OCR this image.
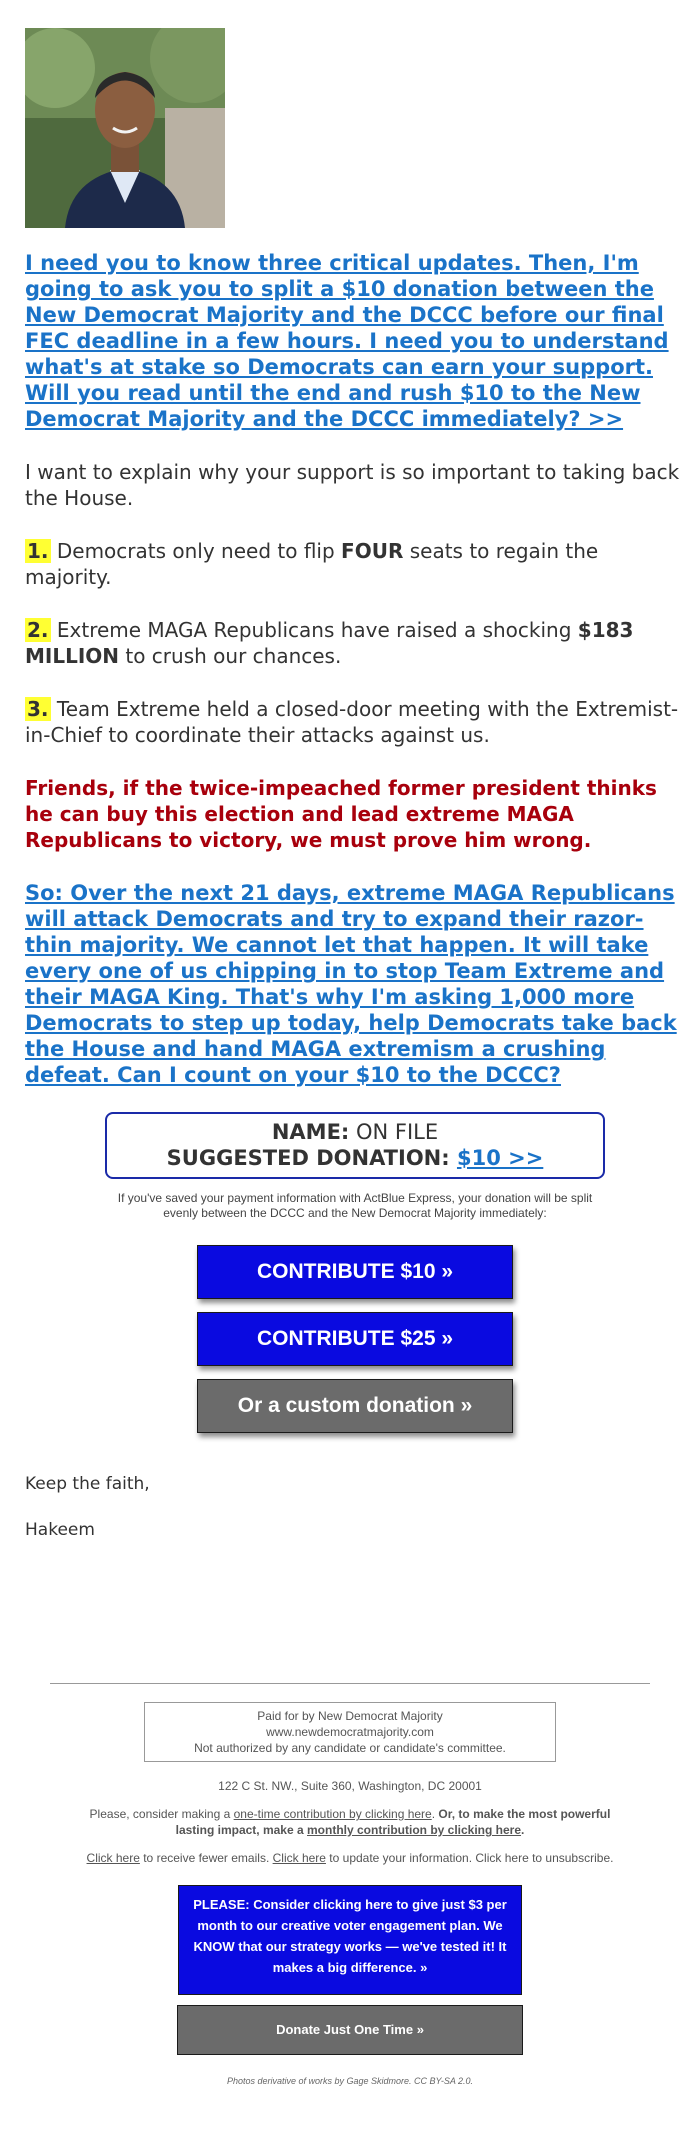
I need you to know three critical updates. Then, I'm going to ask you to split a $10 donation between the New Democrat Majority and the DCCC before our final FEC deadline in a few hours. I need you to understand what's at stake so Democrats can earn your support. Will you read until the end and rush $10 to the New Democrat Majority and the DCCC immediately? >>

I want to explain why your support is so important to taking back the House.

1. Democrats only need to flip FOUR seats to regain the majority.

2. Extreme MAGA Republicans have raised a shocking $183 MILLION to crush our chances.

3. Team Extreme held a closed-door meeting with the Extremist-in-Chief to coordinate their attacks against us.

Friends, if the twice-impeached former president thinks he can buy this election and lead extreme MAGA Republicans to victory, we must prove him wrong.
So: Over the next 21 days, extreme MAGA Republicans will attack Democrats and try to expand their razor-thin majority. We cannot let that happen. It will take every one of us chipping in to stop Team Extreme and their MAGA King. That's why I'm asking 1,000 more Democrats to step up today, help Democrats take back the House and hand MAGA extremism a crushing defeat. Can I count on your $10 to the DCCC?
NAME: ON FILE
SUGGESTED DONATION: $10 >>
If you've saved your payment information with ActBlue Express, your donation will be split evenly between the DCCC and the New Democrat Majority immediately:
CONTRIBUTE $10 »
CONTRIBUTE $25 »
Or a custom donation »
Keep the faith,
Hakeem
Paid for by New Democrat Majority
www.newdemocratmajority.com
Not authorized by any candidate or candidate's committee.
122 C St. NW., Suite 360, Washington, DC 20001
Please, consider making a one-time contribution by clicking here. Or, to make the most powerful lasting impact, make a monthly contribution by clicking here.
Click here to receive fewer emails. Click here to update your information. Click here to unsubscribe.
PLEASE: Consider clicking here to give just $3 per month to our creative voter engagement plan. We KNOW that our strategy works — we've tested it! It makes a big difference. »
Donate Just One Time »
Photos derivative of works by Gage Skidmore. CC BY-SA 2.0.
